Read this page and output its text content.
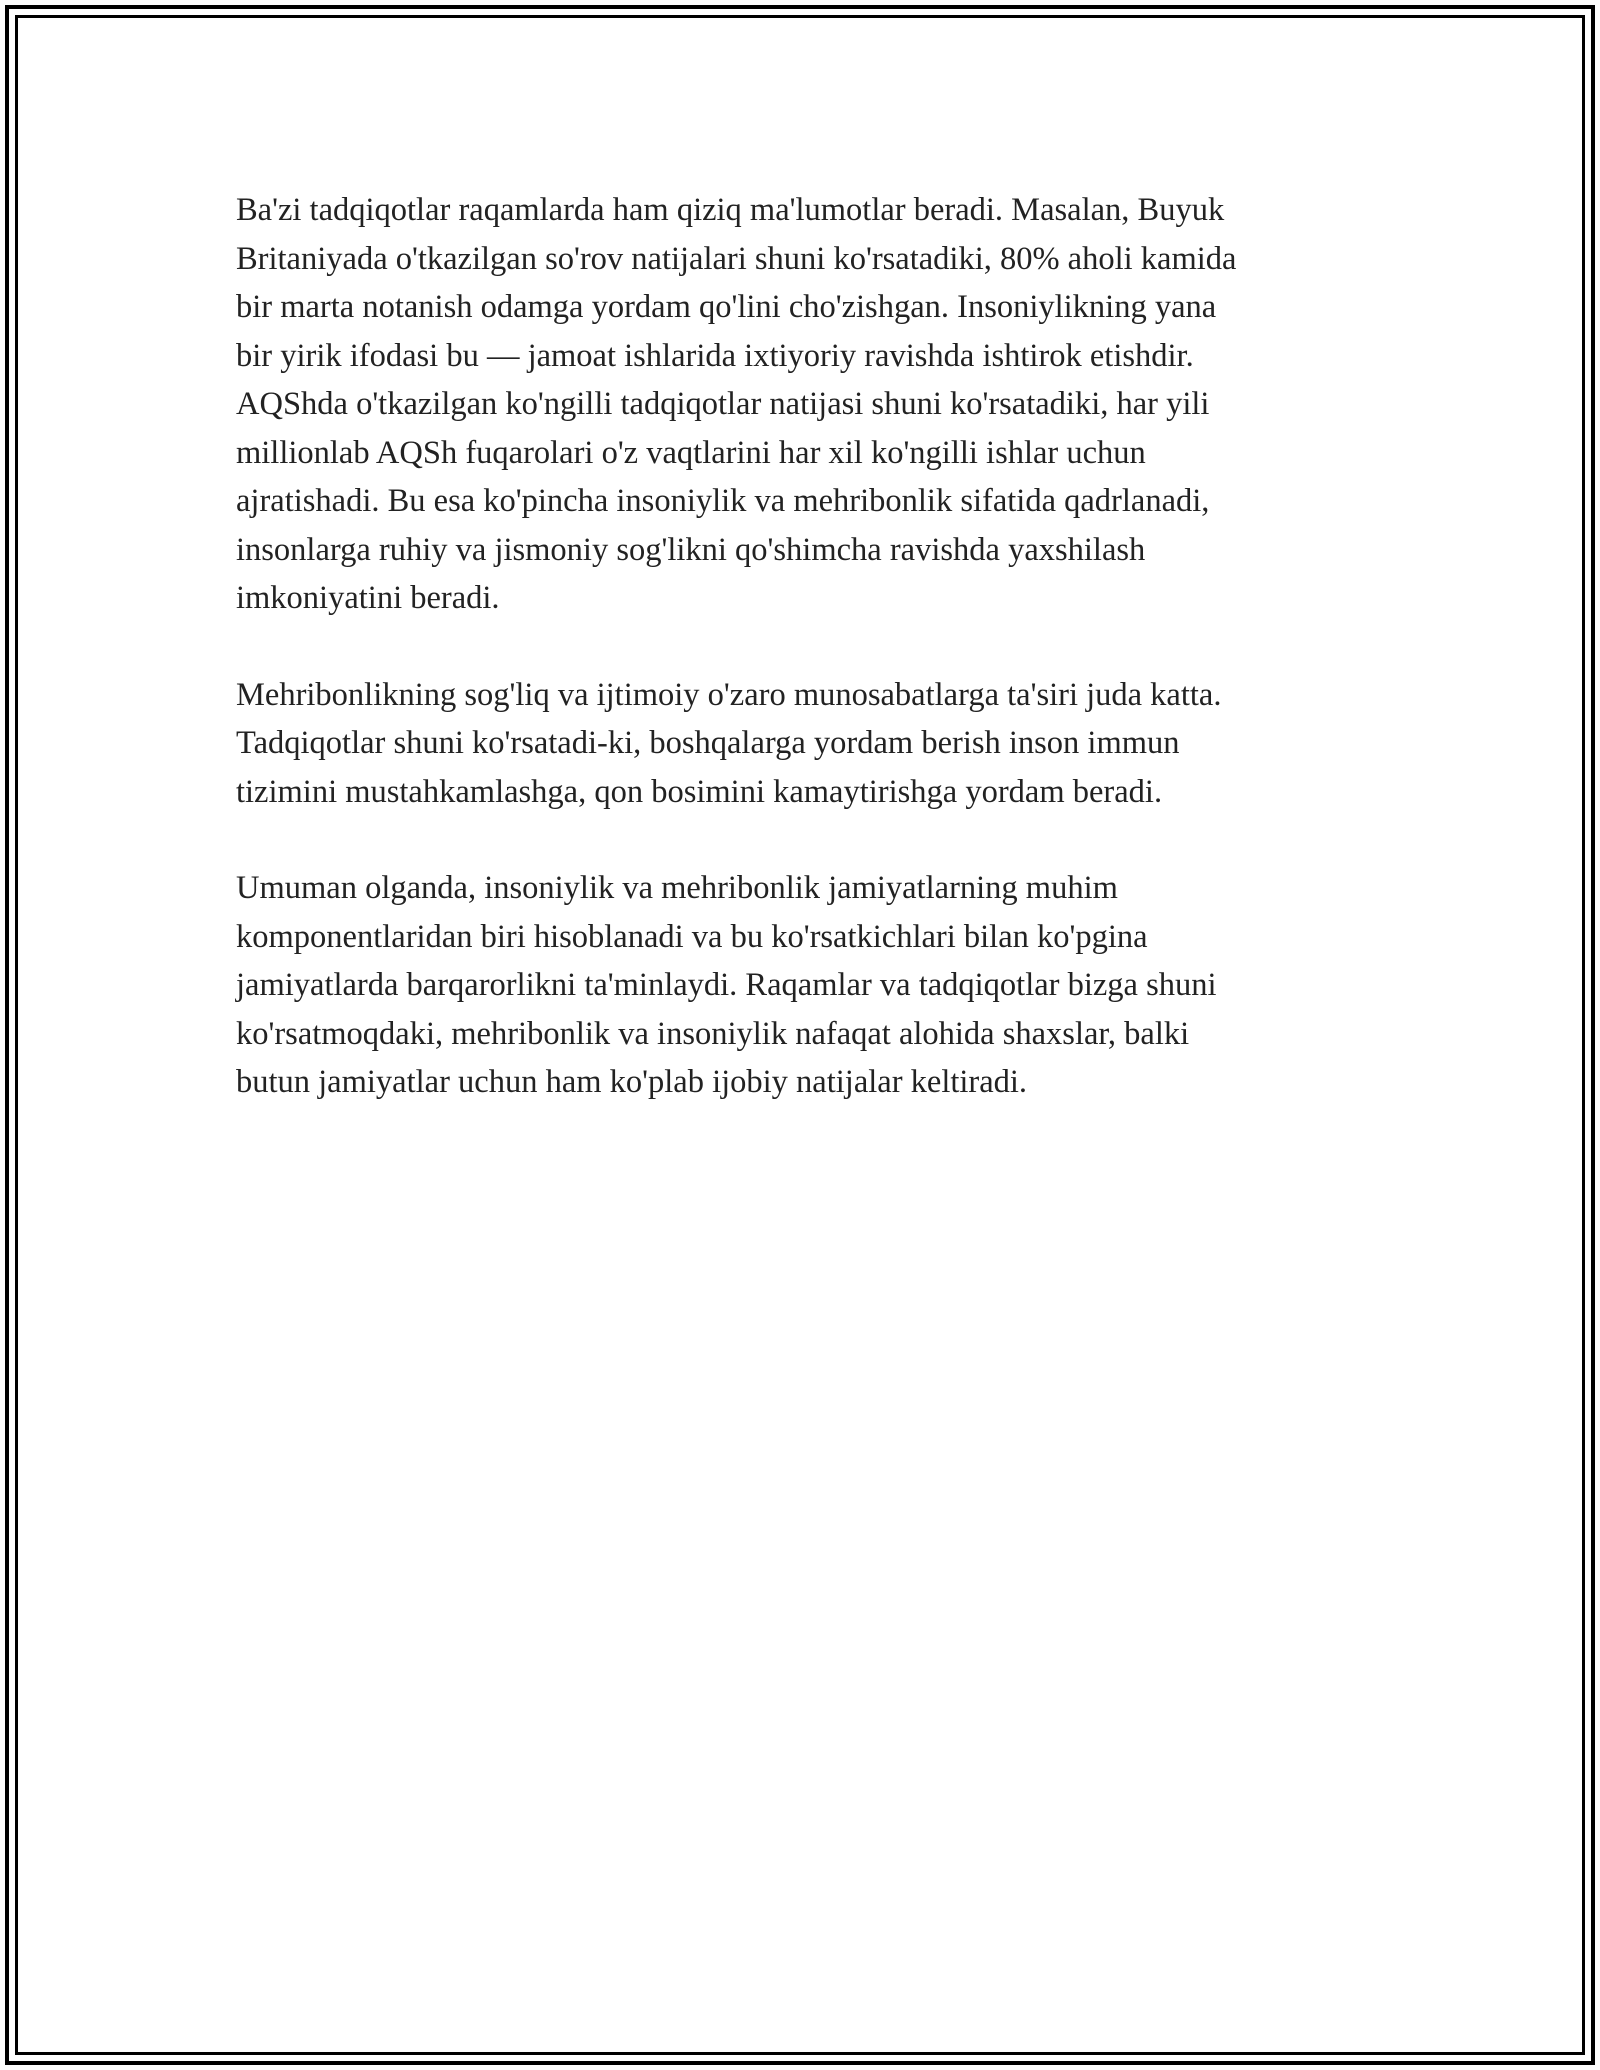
Ba'zi tadqiqotlar raqamlarda ham qiziq ma'lumotlar beradi. Masalan, Buyuk
Britaniyada o'tkazilgan so'rov natijalari shuni ko'rsatadiki, 80% aholi kamida
bir marta notanish odamga yordam qo'lini cho'zishgan. Insoniylikning yana
bir yirik ifodasi bu — jamoat ishlarida ixtiyoriy ravishda ishtirok etishdir.
AQShda o'tkazilgan ko'ngilli tadqiqotlar natijasi shuni ko'rsatadiki, har yili
millionlab AQSh fuqarolari o'z vaqtlarini har xil ko'ngilli ishlar uchun
ajratishadi. Bu esa ko'pincha insoniylik va mehribonlik sifatida qadrlanadi,
insonlarga ruhiy va jismoniy sog'likni qo'shimcha ravishda yaxshilash
imkoniyatini beradi.

Mehribonlikning sog'liq va ijtimoiy o'zaro munosabatlarga ta'siri juda katta.
Tadqiqotlar shuni ko'rsatadi-ki, boshqalarga yordam berish inson immun
tizimini mustahkamlashga, qon bosimini kamaytirishga yordam beradi.

Umuman olganda, insoniylik va mehribonlik jamiyatlarning muhim
komponentlaridan biri hisoblanadi va bu ko'rsatkichlari bilan ko'pgina
jamiyatlarda barqarorlikni ta'minlaydi. Raqamlar va tadqiqotlar bizga shuni
ko'rsatmoqdaki, mehribonlik va insoniylik nafaqat alohida shaxslar, balki
butun jamiyatlar uchun ham ko'plab ijobiy natijalar keltiradi.
